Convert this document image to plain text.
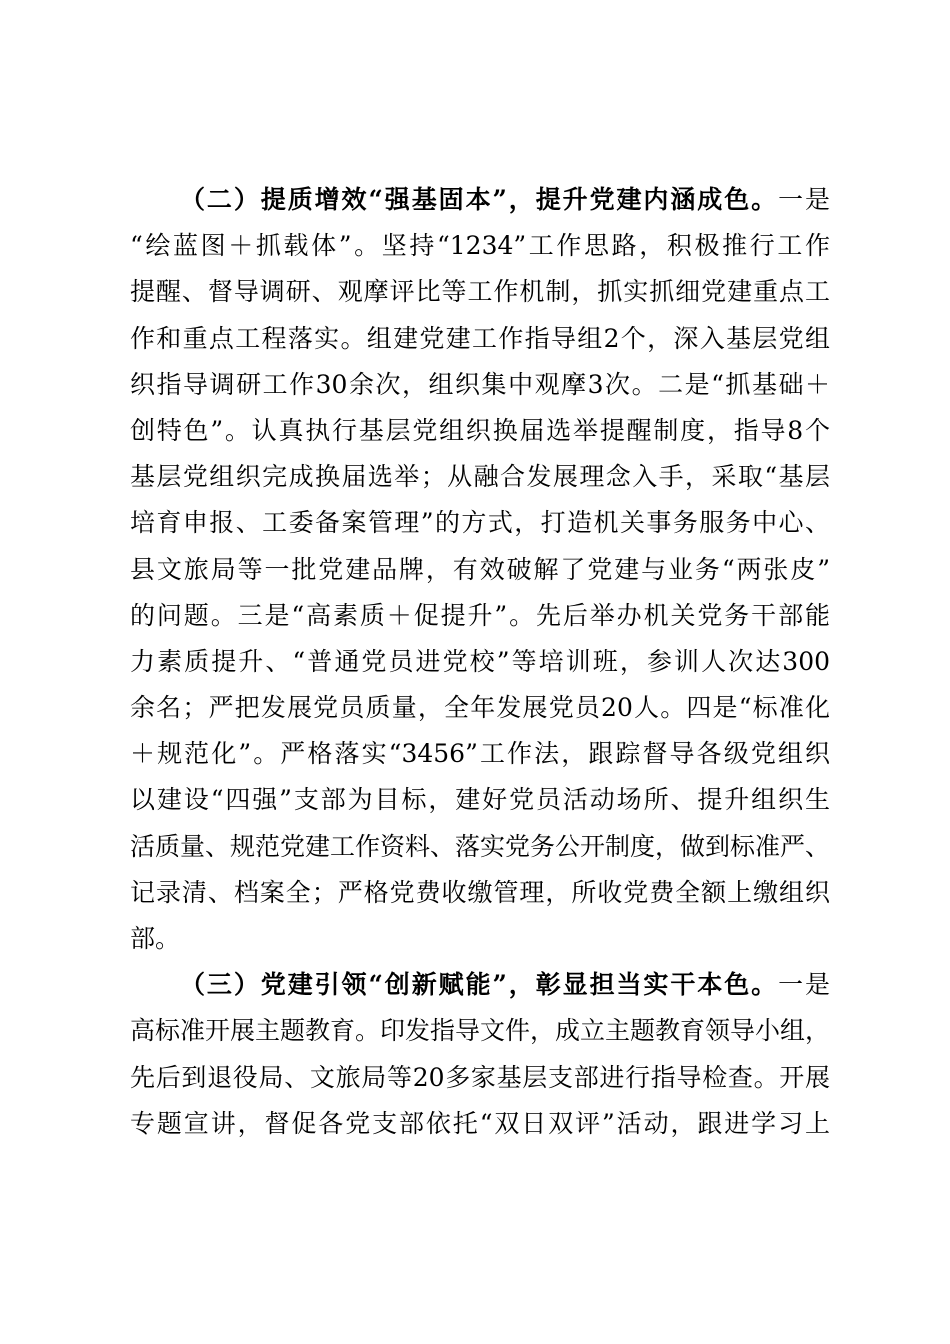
（二）提质增效“强基固本”，提升党建内涵成色。一是
“绘蓝图＋抓载体”。坚持“1234”工作思路，积极推行工作
提醒、督导调研、观摩评比等工作机制，抓实抓细党建重点工
作和重点工程落实。组建党建工作指导组2个，深入基层党组
织指导调研工作30余次，组织集中观摩3次。二是“抓基础＋
创特色”。认真执行基层党组织换届选举提醒制度，指导8个
基层党组织完成换届选举；从融合发展理念入手，采取“基层
培育申报、工委备案管理”的方式，打造机关事务服务中心、
县文旅局等一批党建品牌，有效破解了党建与业务“两张皮”
的问题。三是“高素质＋促提升”。先后举办机关党务干部能
力素质提升、“普通党员进党校”等培训班，参训人次达300
余名；严把发展党员质量，全年发展党员20人。四是“标准化
＋规范化”。严格落实“3456”工作法，跟踪督导各级党组织
以建设“四强”支部为目标，建好党员活动场所、提升组织生
活质量、规范党建工作资料、落实党务公开制度，做到标准严、
记录清、档案全；严格党费收缴管理，所收党费全额上缴组织
部。
（三）党建引领“创新赋能”，彰显担当实干本色。一是
高标准开展主题教育。印发指导文件，成立主题教育领导小组，
先后到退役局、文旅局等20多家基层支部进行指导检查。开展
专题宣讲，督促各党支部依托“双日双评”活动，跟进学习上
